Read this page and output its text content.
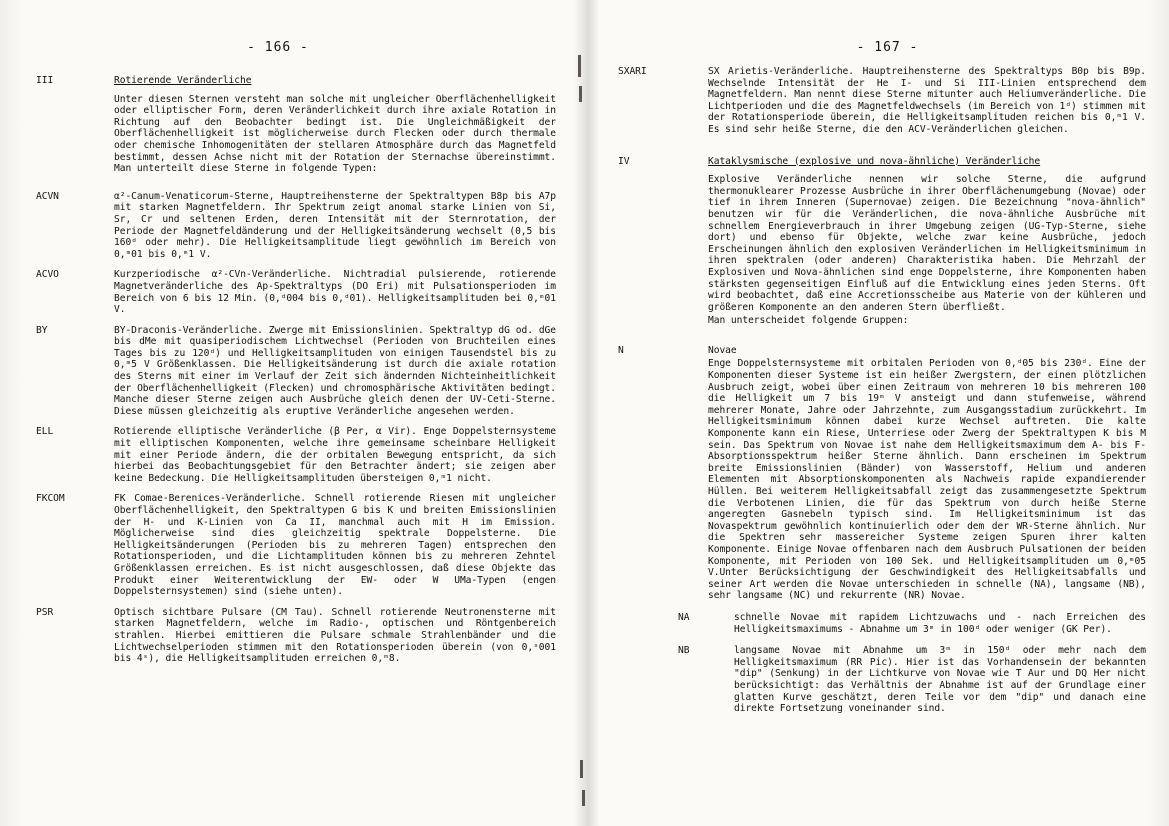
- 166 -
III	Rotierende Veränderliche
Unter diesen Sternen versteht man solche mit ungleicher Oberflächenhelligkeit oder elliptischer Form, deren Veränderlichkeit durch ihre axiale Rotation in Richtung auf den Beobachter bedingt ist. Die Ungleichmäßigkeit der Oberflächenhelligkeit ist möglicherweise durch Flecken oder durch thermale oder chemische Inhomogenitäten der stellaren Atmosphäre durch das Magnetfeld bestimmt, dessen Achse nicht mit der Rotation der Sternachse übereinstimmt. Man unterteilt diese Sterne in folgende Typen:
ACVN	α²-Canum-Venaticorum-Sterne, Hauptreihensterne der Spektraltypen B8p bis A7p mit starken Magnetfeldern. Ihr Spektrum zeigt anomal starke Linien von Si, Sr, Cr und seltenen Erden, deren Intensität mit der Sternrotation, der Periode der Magnetfeldänderung und der Helligkeitsänderung wechselt (0,5 bis 160ᵈ oder mehr). Die Helligkeitsamplitude liegt gewöhnlich im Bereich von 0,ᵐ01 bis 0,ᵐ1 V.
ACVO	Kurzperiodische α²-CVn-Veränderliche. Nichtradial pulsierende, rotierende Magnetveränderliche des Ap-Spektraltyps (DO Eri) mit Pulsationsperioden im Bereich von 6 bis 12 Min. (0,ᵈ004 bis 0,ᵈ01). Helligkeitsamplituden bei 0,ᵐ01 V.
BY	BY-Draconis-Veränderliche. Zwerge mit Emissionslinien. Spektraltyp dG od. dGe bis dMe mit quasiperiodischem Lichtwechsel (Perioden von Bruchteilen eines Tages bis zu 120ᵈ) und Helligkeitsamplituden von einigen Tausendstel bis zu 0,ᵐ5 V Größenklassen. Die Helligkeitsänderung ist durch die axiale rotation des Sterns mit einer im Verlauf der Zeit sich ändernden Nichteinheitlichkeit der Oberflächenhelligkeit (Flecken) und chromosphärische Aktivitäten bedingt. Manche dieser Sterne zeigen auch Ausbrüche gleich denen der UV-Ceti-Sterne. Diese müssen gleichzeitig als eruptive Veränderliche angesehen werden.
ELL	Rotierende elliptische Veränderliche (β Per, α Vir). Enge Doppelsternsysteme mit elliptischen Komponenten, welche ihre gemeinsame scheinbare Helligkeit mit einer Periode ändern, die der orbitalen Bewegung entspricht, da sich hierbei das Beobachtungsgebiet für den Betrachter ändert; sie zeigen aber keine Bedeckung. Die Helligkeitsamplituden übersteigen 0,ᵐ1 nicht.
FKCOM	FK Comae-Berenices-Veränderliche. Schnell rotierende Riesen mit ungleicher Oberflächenhelligkeit, den Spektraltypen G bis K und breiten Emissionslinien der H- und K-Linien von Ca II, manchmal auch mit H im Emission. Möglicherweise sind dies gleichzeitig spektrale Doppelsterne. Die Helligkeitsänderungen (Perioden bis zu mehreren Tagen) entsprechen den Rotationsperioden, und die Lichtamplituden können bis zu mehreren Zehntel Größenklassen erreichen. Es ist nicht ausgeschlossen, daß diese Objekte das Produkt einer Weiterentwicklung der EW- oder W UMa-Typen (engen Doppelsternsystemen) sind (siehe unten).
PSR	Optisch sichtbare Pulsare (CM Tau). Schnell rotierende Neutronensterne mit starken Magnetfeldern, welche im Radio-, optischen und Röntgenbereich strahlen. Hierbei emittieren die Pulsare schmale Strahlenbänder und die Lichtwechselperioden stimmen mit den Rotationsperioden überein (von 0,ˢ001 bis 4ˢ), die Helligkeitsamplituden erreichen 0,ᵐ8.
- 167 -
SXARI	SX Arietis-Veränderliche. Hauptreihensterne des Spektraltyps B0p bis B9p. Wechselnde Intensität der He I- und Si III-Linien entsprechend dem Magnetfeldern. Man nennt diese Sterne mitunter auch Heliumveränderliche. Die Lichtperioden und die des Magnetfeldwechsels (im Bereich von 1ᵈ) stimmen mit der Rotationsperiode überein, die Helligkeitsamplituden reichen bis 0,ᵐ1 V. Es sind sehr heiße Sterne, die den ACV-Veränderlichen gleichen.
IV	Kataklysmische (explosive und nova-ähnliche) Veränderliche
Explosive Veränderliche nennen wir solche Sterne, die aufgrund thermonuklearer Prozesse Ausbrüche in ihrer Oberflächenumgebung (Novae) oder tief in ihrem Inneren (Supernovae) zeigen. Die Bezeichnung "nova-ähnlich" benutzen wir für die Veränderlichen, die nova-ähnliche Ausbrüche mit schnellem Energieverbrauch in ihrer Umgebung zeigen (UG-Typ-Sterne, siehe dort) und ebenso für Objekte, welche zwar keine Ausbrüche, jedoch Erscheinungen ähnlich den explosiven Veränderlichen im Helligkeitsminimum in ihren spektralen (oder anderen) Charakteristika haben. Die Mehrzahl der Explosiven und Nova-ähnlichen sind enge Doppelsterne, ihre Komponenten haben stärksten gegenseitigen Einfluß auf die Entwicklung eines jeden Sterns. Oft wird beobachtet, daß eine Accretionsscheibe aus Materie von der kühleren und größeren Komponente an den anderen Stern überfließt.
Man unterscheidet folgende Gruppen:
N	Novae
Enge Doppelsternsysteme mit orbitalen Perioden von 0,ᵈ05 bis 230ᵈ. Eine der Komponenten dieser Systeme ist ein heißer Zwergstern, der einen plötzlichen Ausbruch zeigt, wobei über einen Zeitraum von mehreren 10 bis mehreren 100 die Helligkeit um 7 bis 19ᵐ V ansteigt und dann stufenweise, während mehrerer Monate, Jahre oder Jahrzehnte, zum Ausgangsstadium zurückkehrt. Im Helligkeitsminimum können dabei kurze Wechsel auftreten. Die kalte Komponente kann ein Riese, Unterriese oder Zwerg der Spektraltypen K bis M sein. Das Spektrum von Novae ist nahe dem Helligkeitsmaximum dem A- bis F-Absorptionsspektrum heißer Sterne ähnlich. Dann erscheinen im Spektrum breite Emissionslinien (Bänder) von Wasserstoff, Helium und anderen Elementen mit Absorptionskomponenten als Nachweis rapide expandierender Hüllen. Bei weiterem Helligkeitsabfall zeigt das zusammengesetzte Spektrum die Verbotenen Linien, die für das Spektrum von durch heiße Sterne angeregten Gasnebeln typisch sind. Im Helligkeitsminimum ist das Novaspektrum gewöhnlich kontinuierlich oder dem der WR-Sterne ähnlich. Nur die Spektren sehr massereicher Systeme zeigen Spuren ihrer kalten Komponente. Einige Novae offenbaren nach dem Ausbruch Pulsationen der beiden Komponente, mit Perioden von 100 Sek. und Helligkeitsamplituden um 0,ᵐ05 V.Unter Berücksichtigung der Geschwindigkeit des Helligkeitsabfalls und seiner Art werden die Novae unterschieden in schnelle (NA), langsame (NB), sehr langsame (NC) und rekurrente (NR) Novae.
NA	schnelle Novae mit rapidem Lichtzuwachs und - nach Erreichen des Helligkeitsmaximums - Abnahme um 3ᵐ in 100ᵈ oder weniger (GK Per).
NB	langsame Novae mit Abnahme um 3ᵐ in 150ᵈ oder mehr nach dem Helligkeitsmaximum (RR Pic). Hier ist das Vorhandensein der bekannten "dip" (Senkung) in der Lichtkurve von Novae wie T Aur und DQ Her nicht berücksichtigt: das Verhältnis der Abnahme ist auf der Grundlage einer glatten Kurve geschätzt, deren Teile vor dem "dip" und danach eine direkte Fortsetzung voneinander sind.
